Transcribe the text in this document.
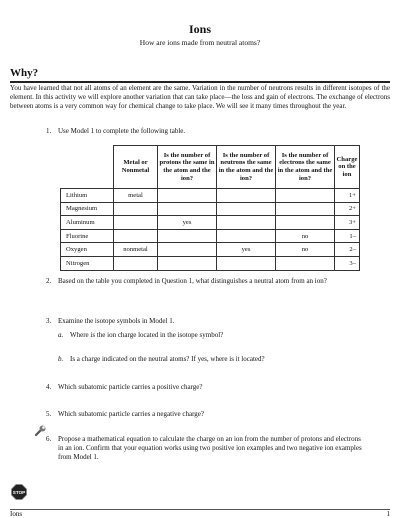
Ions
How are ions made from neutral atoms?
Why?
You have learned that not all atoms of an element are the same. Variation in the number of neutrons results in different isotopes of the element. In this activity we will explore another variation that can take place—the loss and gain of electrons. The exchange of electrons between atoms is a very common way for chemical change to take place. We will see it many times throughout the year.
1. Use Model 1 to complete the following table.
	Metal or Nonmetal	Is the number of protons the same in the atom and the ion?	Is the number of neutrons the same in the atom and the ion?	Is the number of electrons the same in the atom and the ion?	Charge on the ion
Lithium	metal				1+
Magnesium					2+
Aluminum		yes			3+
Fluorine				no	1–
Oxygen	nonmetal		yes	no	2–
Nitrogen					3–
2. Based on the table you completed in Question 1, what distinguishes a neutral atom from an ion?
3. Examine the isotope symbols in Model 1.
a. Where is the ion charge located in the isotope symbol?
b. Is a charge indicated on the neutral atoms? If yes, where is it located?
4. Which subatomic particle carries a positive charge?
5. Which subatomic particle carries a negative charge?
6. Propose a mathematical equation to calculate the charge on an ion from the number of protons and electrons in an ion. Confirm that your equation works using two positive ion examples and two negative ion examples from Model 1.
STOP
Ions	1
